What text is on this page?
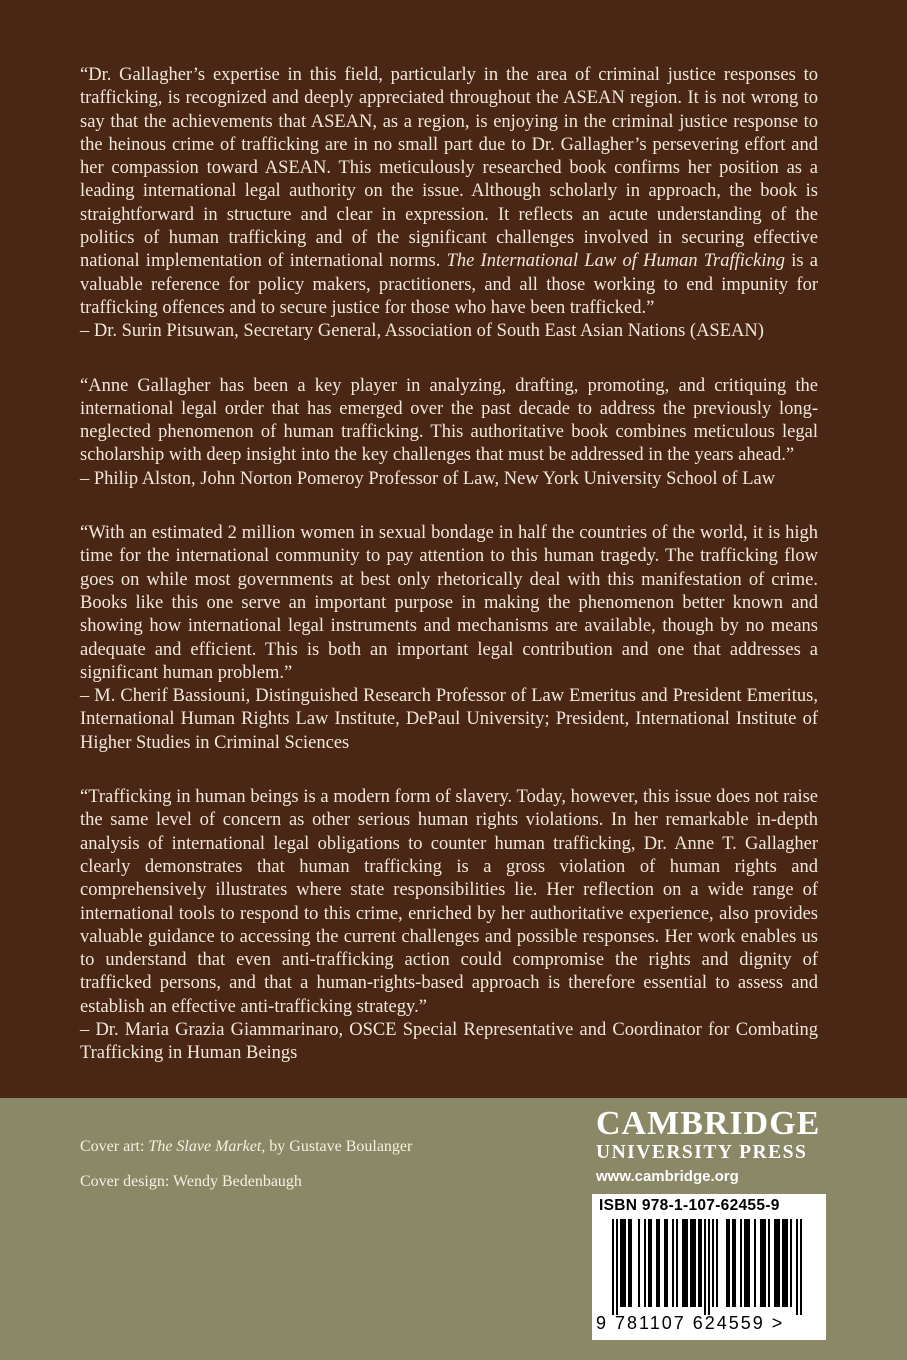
“Dr. Gallagher’s expertise in this field, particularly in the area of criminal justice responses to trafficking, is recognized and deeply appreciated throughout the ASEAN region. It is not wrong to say that the achievements that ASEAN, as a region, is enjoying in the criminal justice response to the heinous crime of trafficking are in no small part due to Dr. Gallagher’s persevering effort and her compassion toward ASEAN. This meticulously researched book confirms her position as a leading international legal authority on the issue. Although scholarly in approach, the book is straightforward in structure and clear in expression. It reflects an acute understanding of the politics of human trafficking and of the significant challenges involved in securing effective national implementation of international norms. The International Law of Human Trafficking is a valuable reference for policy makers, practitioners, and all those working to end impunity for trafficking offences and to secure justice for those who have been trafficked.”

– Dr. Surin Pitsuwan, Secretary General, Association of South East Asian Nations (ASEAN)

“Anne Gallagher has been a key player in analyzing, drafting, promoting, and critiquing the international legal order that has emerged over the past decade to address the previously long-neglected phenomenon of human trafficking. This authoritative book combines meticulous legal scholarship with deep insight into the key challenges that must be addressed in the years ahead.”

– Philip Alston, John Norton Pomeroy Professor of Law, New York University School of Law

“With an estimated 2 million women in sexual bondage in half the countries of the world, it is high time for the international community to pay attention to this human tragedy. The trafficking flow goes on while most governments at best only rhetorically deal with this manifestation of crime. Books like this one serve an important purpose in making the phenomenon better known and showing how international legal instruments and mechanisms are available, though by no means adequate and efficient. This is both an important legal contribution and one that addresses a significant human problem.”

– M. Cherif Bassiouni, Distinguished Research Professor of Law Emeritus and President Emeritus, International Human Rights Law Institute, DePaul University; President, International Institute of Higher Studies in Criminal Sciences

“Trafficking in human beings is a modern form of slavery. Today, however, this issue does not raise the same level of concern as other serious human rights violations. In her remarkable in-depth analysis of international legal obligations to counter human trafficking, Dr. Anne T. Gallagher clearly demonstrates that human trafficking is a gross violation of human rights and comprehensively illustrates where state responsibilities lie. Her reflection on a wide range of international tools to respond to this crime, enriched by her authoritative experience, also provides valuable guidance to accessing the current challenges and possible responses. Her work enables us to understand that even anti-trafficking action could compromise the rights and dignity of trafficked persons, and that a human-rights-based approach is therefore essential to assess and establish an effective anti-trafficking strategy.”

– Dr. Maria Grazia Giammarinaro, OSCE Special Representative and Coordinator for Combating Trafficking in Human Beings

Cover art: The Slave Market, by Gustave Boulanger
Cover design: Wendy Bedenbaugh
CAMBRIDGE
UNIVERSITY PRESS
www.cambridge.org
ISBN 978-1-107-62455-9
9 781107 624559 >
